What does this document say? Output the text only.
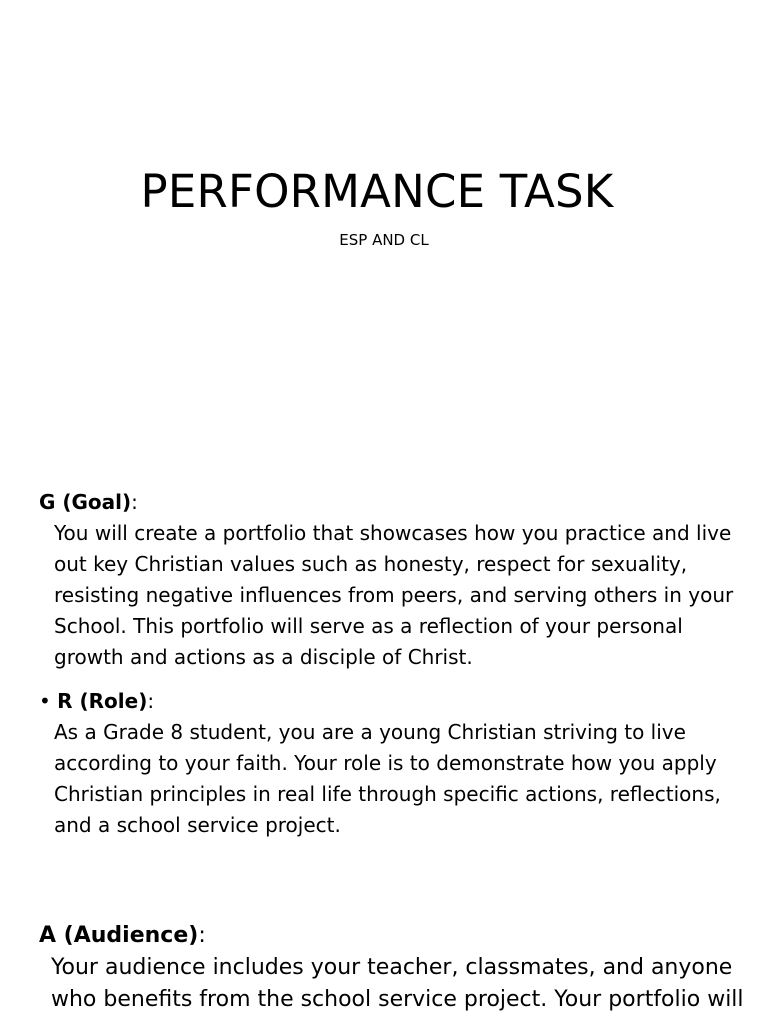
PERFORMANCE TASK
ESP AND CL
G (Goal):

You will create a portfolio that showcases how you practice and live out key Christian values such as honesty, respect for sexuality, resisting negative influences from peers, and serving others in your School. This portfolio will serve as a reflection of your personal growth and actions as a disciple of Christ.

• R (Role):

As a Grade 8 student, you are a young Christian striving to live according to your faith. Your role is to demonstrate how you apply Christian principles in real life through specific actions, reflections, and a school service project.

A (Audience):

Your audience includes your teacher, classmates, and anyone who benefits from the school service project. Your portfolio will
